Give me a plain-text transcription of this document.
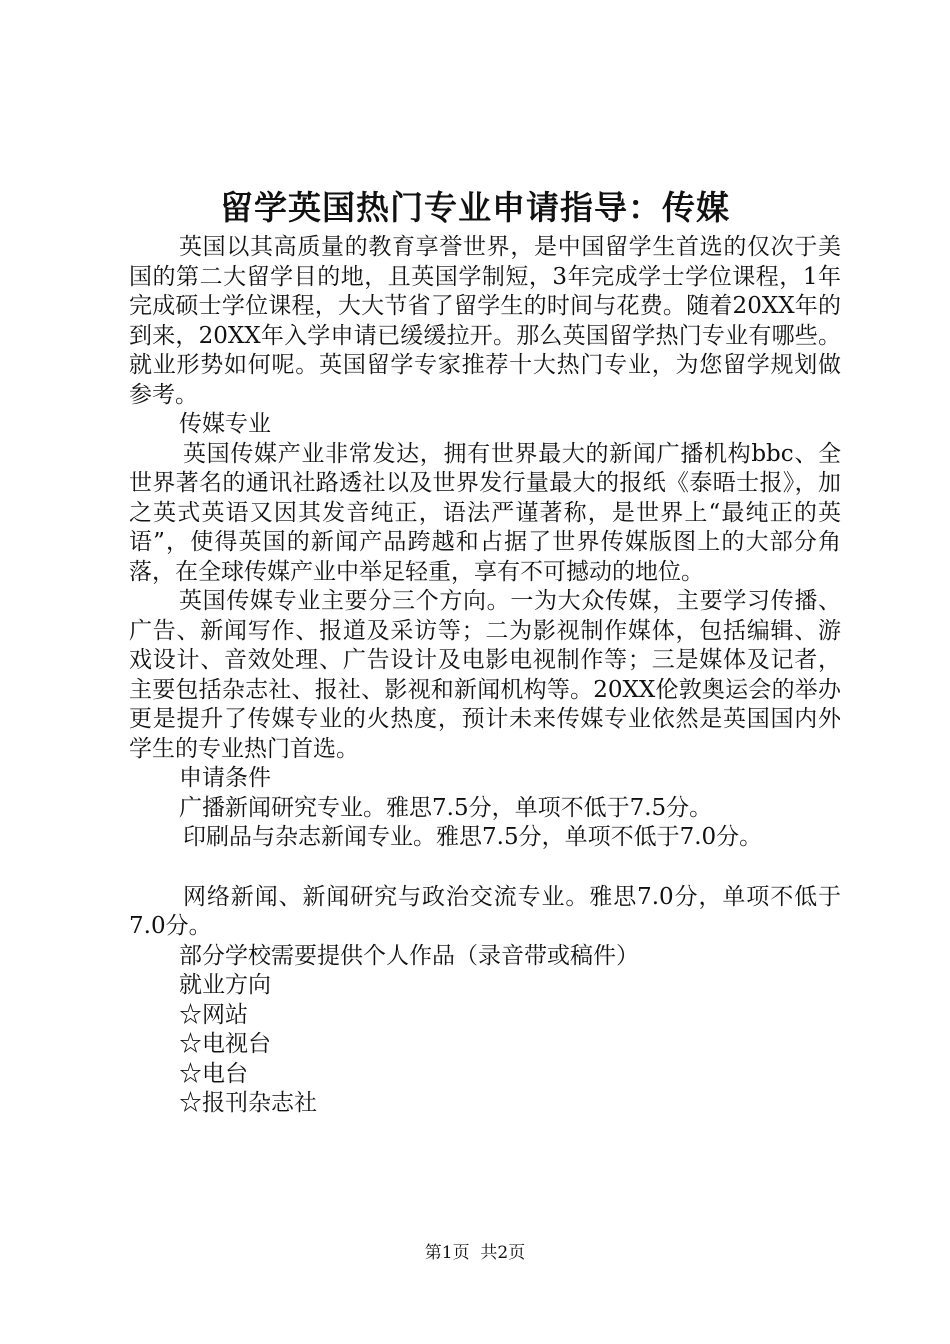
留学英国热门专业申请指导：传媒

英国以其高质量的教育享誉世界，是中国留学生首选的仅次于美国的第二大留学目的地，且英国学制短，3年完成学士学位课程，1年完成硕士学位课程，大大节省了留学生的时间与花费。随着20XX年的到来，20XX年入学申请已缓缓拉开。那么英国留学热门专业有哪些。就业形势如何呢。英国留学专家推荐十大热门专业，为您留学规划做参考。

传媒专业

英国传媒产业非常发达，拥有世界最大的新闻广播机构bbc、全世界著名的通讯社路透社以及世界发行量最大的报纸《泰晤士报》，加之英式英语又因其发音纯正，语法严谨著称，是世界上“最纯正的英语”，使得英国的新闻产品跨越和占据了世界传媒版图上的大部分角落，在全球传媒产业中举足轻重，享有不可撼动的地位。

英国传媒专业主要分三个方向。一为大众传媒，主要学习传播、广告、新闻写作、报道及采访等；二为影视制作媒体，包括编辑、游戏设计、音效处理、广告设计及电影电视制作等；三是媒体及记者，主要包括杂志社、报社、影视和新闻机构等。20XX伦敦奥运会的举办更是提升了传媒专业的火热度，预计未来传媒专业依然是英国国内外学生的专业热门首选。

申请条件

广播新闻研究专业。雅思7.5分，单项不低于7.5分。

印刷品与杂志新闻专业。雅思7.5分，单项不低于7.0分。

网络新闻、新闻研究与政治交流专业。雅思7.0分，单项不低于7.0分。

部分学校需要提供个人作品（录音带或稿件）

就业方向

☆网站

☆电视台

☆电台

☆报刊杂志社

第1页  共2页
